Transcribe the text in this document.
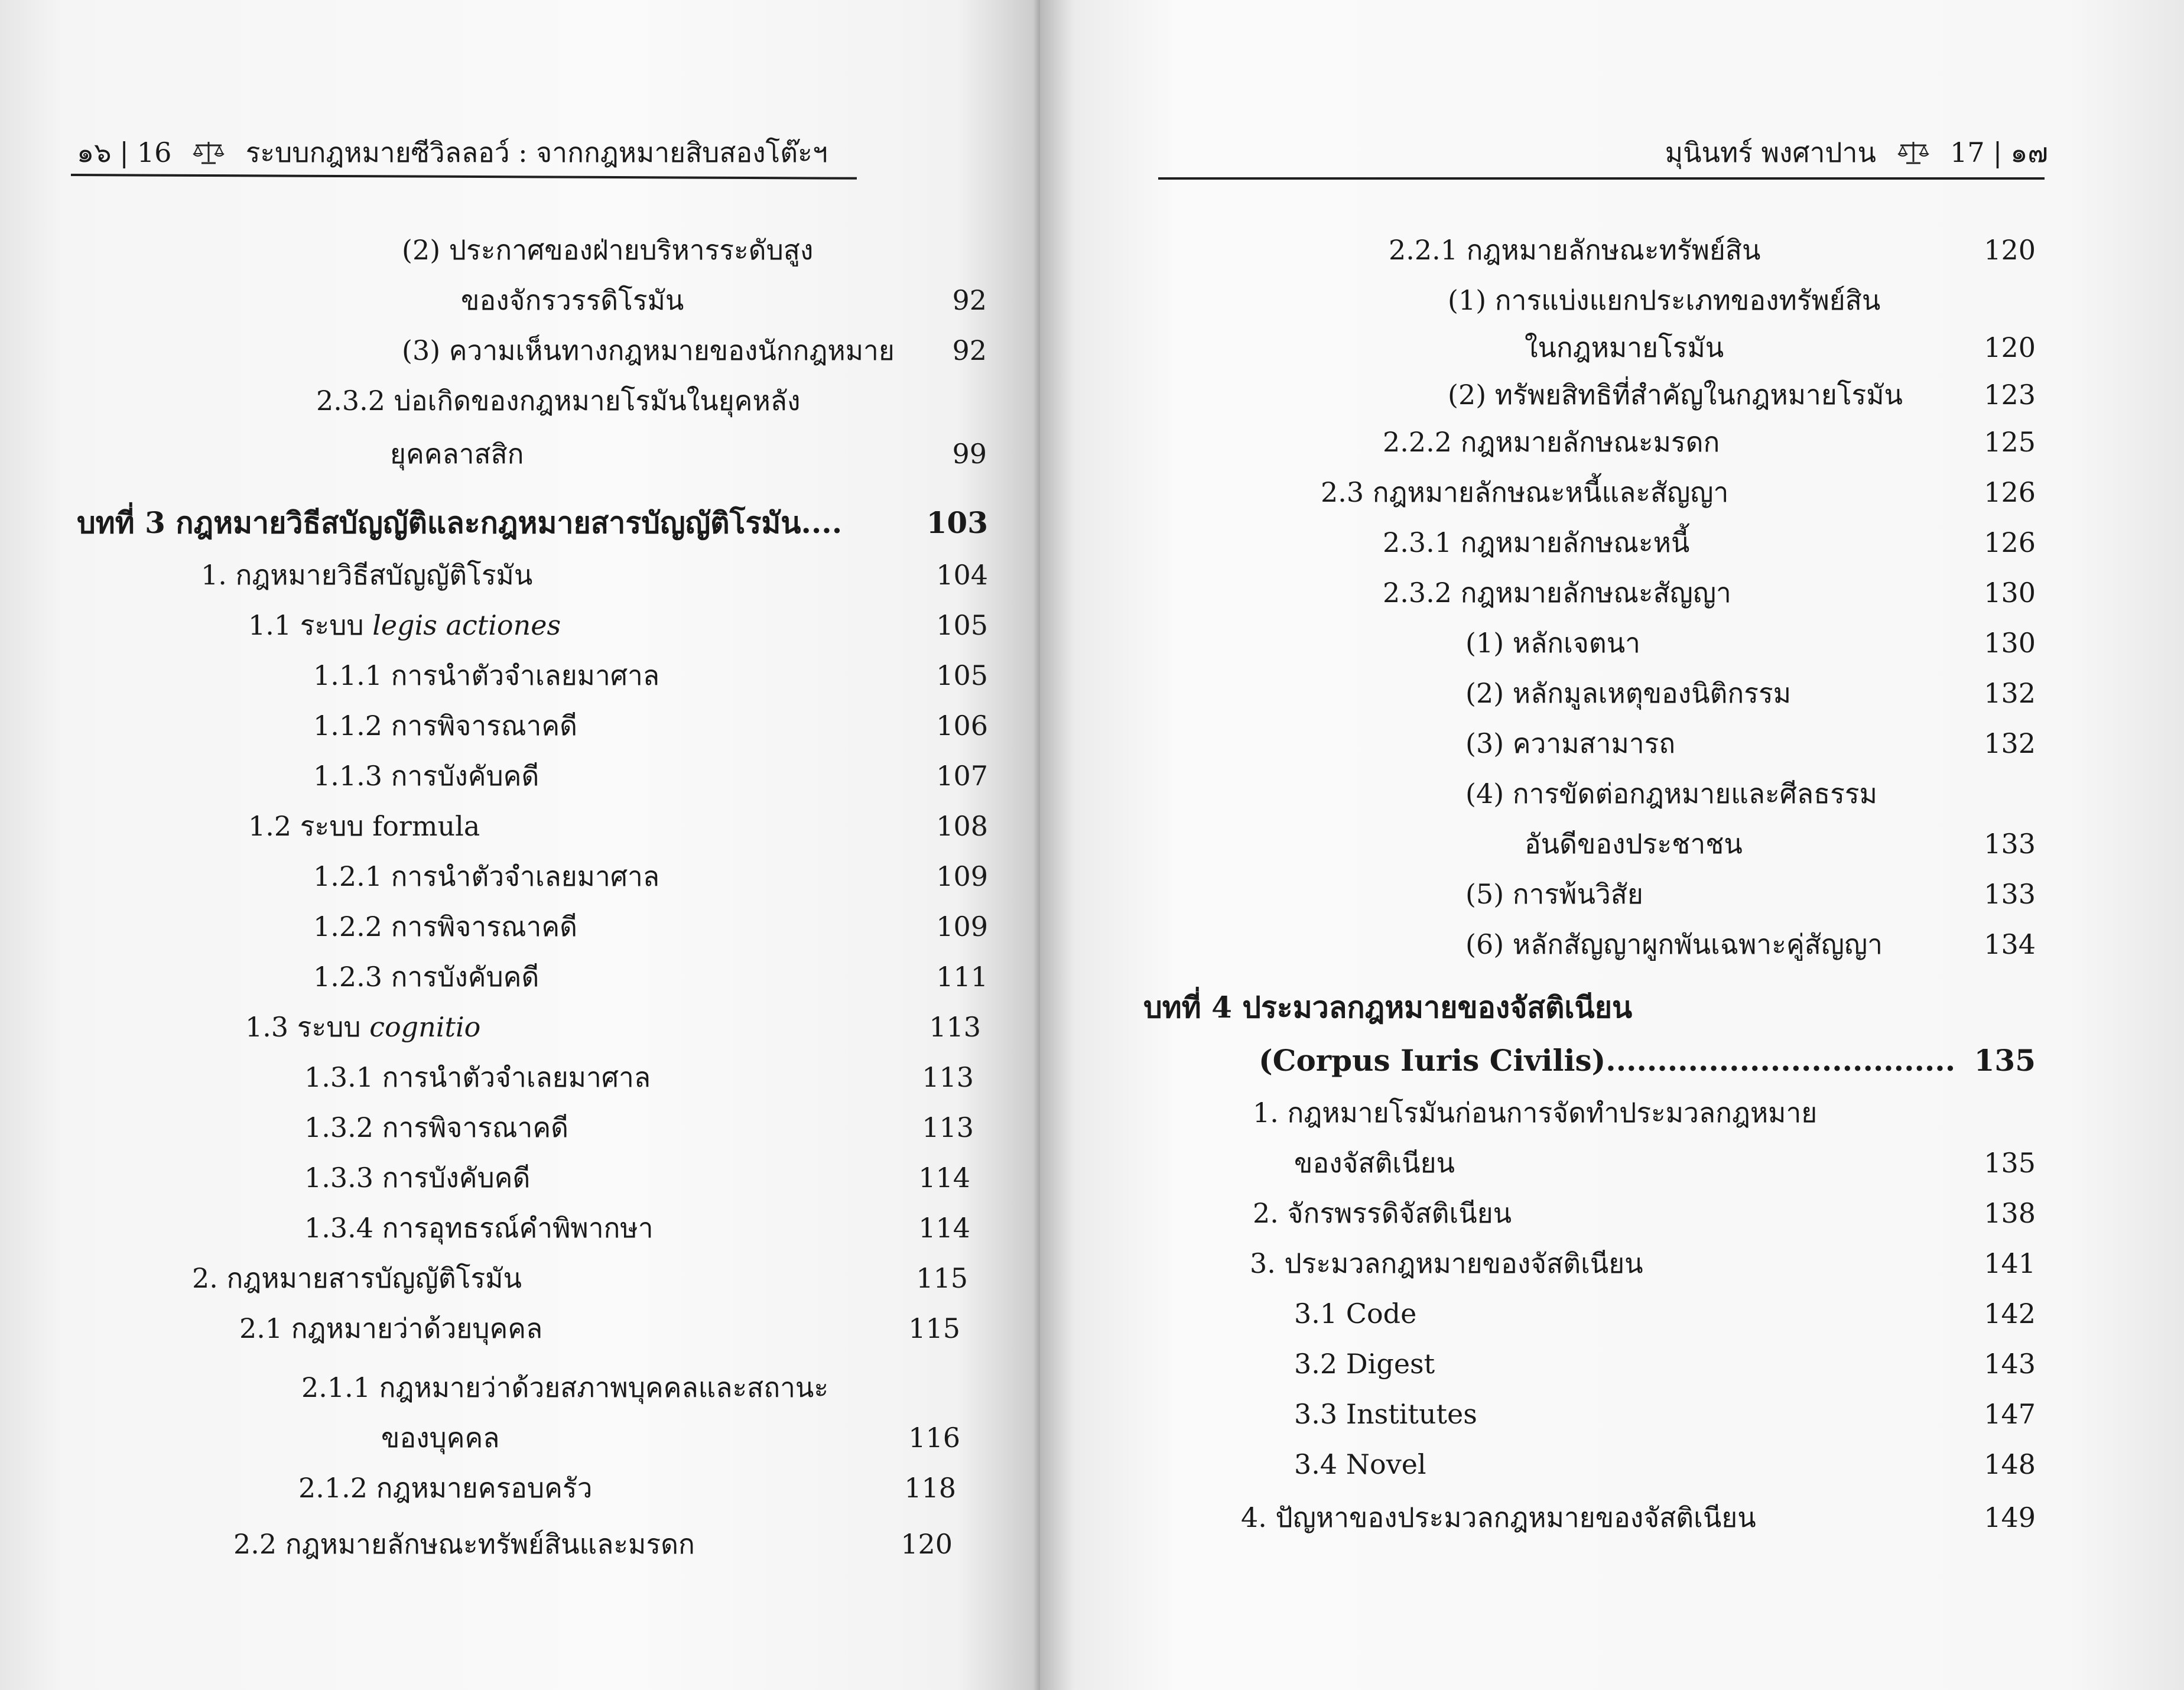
๑๖ | 16	ระบบกฎหมายซีวิลลอว์ : จากกฎหมายสิบสองโต๊ะฯ
(2) ประกาศของฝ่ายบริหารระดับสูง
ของจักรวรรดิโรมัน	92
(3) ความเห็นทางกฎหมายของนักกฎหมาย 92
2.3.2 บ่อเกิดของกฎหมายโรมันในยุคหลัง
ยุคคลาสสิก	99
บทที่ 3 กฎหมายวิธีสบัญญัติและกฎหมายสารบัญญัติโรมัน....	103
1. กฎหมายวิธีสบัญญัติโรมัน	104
1.1 ระบบ legis actiones	105
1.1.1 การนำตัวจำเลยมาศาล	105
1.1.2 การพิจารณาคดี	106
1.1.3 การบังคับคดี	107
1.2 ระบบ formula	108
1.2.1 การนำตัวจำเลยมาศาล	109
1.2.2 การพิจารณาคดี	109
1.2.3 การบังคับคดี	111
1.3 ระบบ cognitio	113
1.3.1 การนำตัวจำเลยมาศาล	113
1.3.2 การพิจารณาคดี	113
1.3.3 การบังคับคดี	114
1.3.4 การอุทธรณ์คำพิพากษา	114
2. กฎหมายสารบัญญัติโรมัน	115
2.1 กฎหมายว่าด้วยบุคคล	115
2.1.1 กฎหมายว่าด้วยสภาพบุคคลและสถานะ
ของบุคคล	116
2.1.2 กฎหมายครอบครัว	118
2.2 กฎหมายลักษณะทรัพย์สินและมรดก	120
มุนินทร์ พงศาปาน	17 | ๑๗
2.2.1 กฎหมายลักษณะทรัพย์สิน	120
(1) การแบ่งแยกประเภทของทรัพย์สิน
ในกฎหมายโรมัน	120
(2) ทรัพยสิทธิที่สำคัญในกฎหมายโรมัน	123
2.2.2 กฎหมายลักษณะมรดก	125
2.3 กฎหมายลักษณะหนี้และสัญญา	126
2.3.1 กฎหมายลักษณะหนี้	126
2.3.2 กฎหมายลักษณะสัญญา	130
(1) หลักเจตนา	130
(2) หลักมูลเหตุของนิติกรรม	132
(3) ความสามารถ	132
(4) การขัดต่อกฎหมายและศีลธรรม
อันดีของประชาชน	133
(5) การพ้นวิสัย	133
(6) หลักสัญญาผูกพันเฉพาะคู่สัญญา	134
บทที่ 4 ประมวลกฎหมายของจัสติเนียน
(Corpus Iuris Civilis).................................. 135
1. กฎหมายโรมันก่อนการจัดทำประมวลกฎหมาย
ของจัสติเนียน	135
2. จักรพรรดิจัสติเนียน	138
3. ประมวลกฎหมายของจัสติเนียน	141
3.1 Code	142
3.2 Digest	143
3.3 Institutes	147
3.4 Novel	148
4. ปัญหาของประมวลกฎหมายของจัสติเนียน	149
